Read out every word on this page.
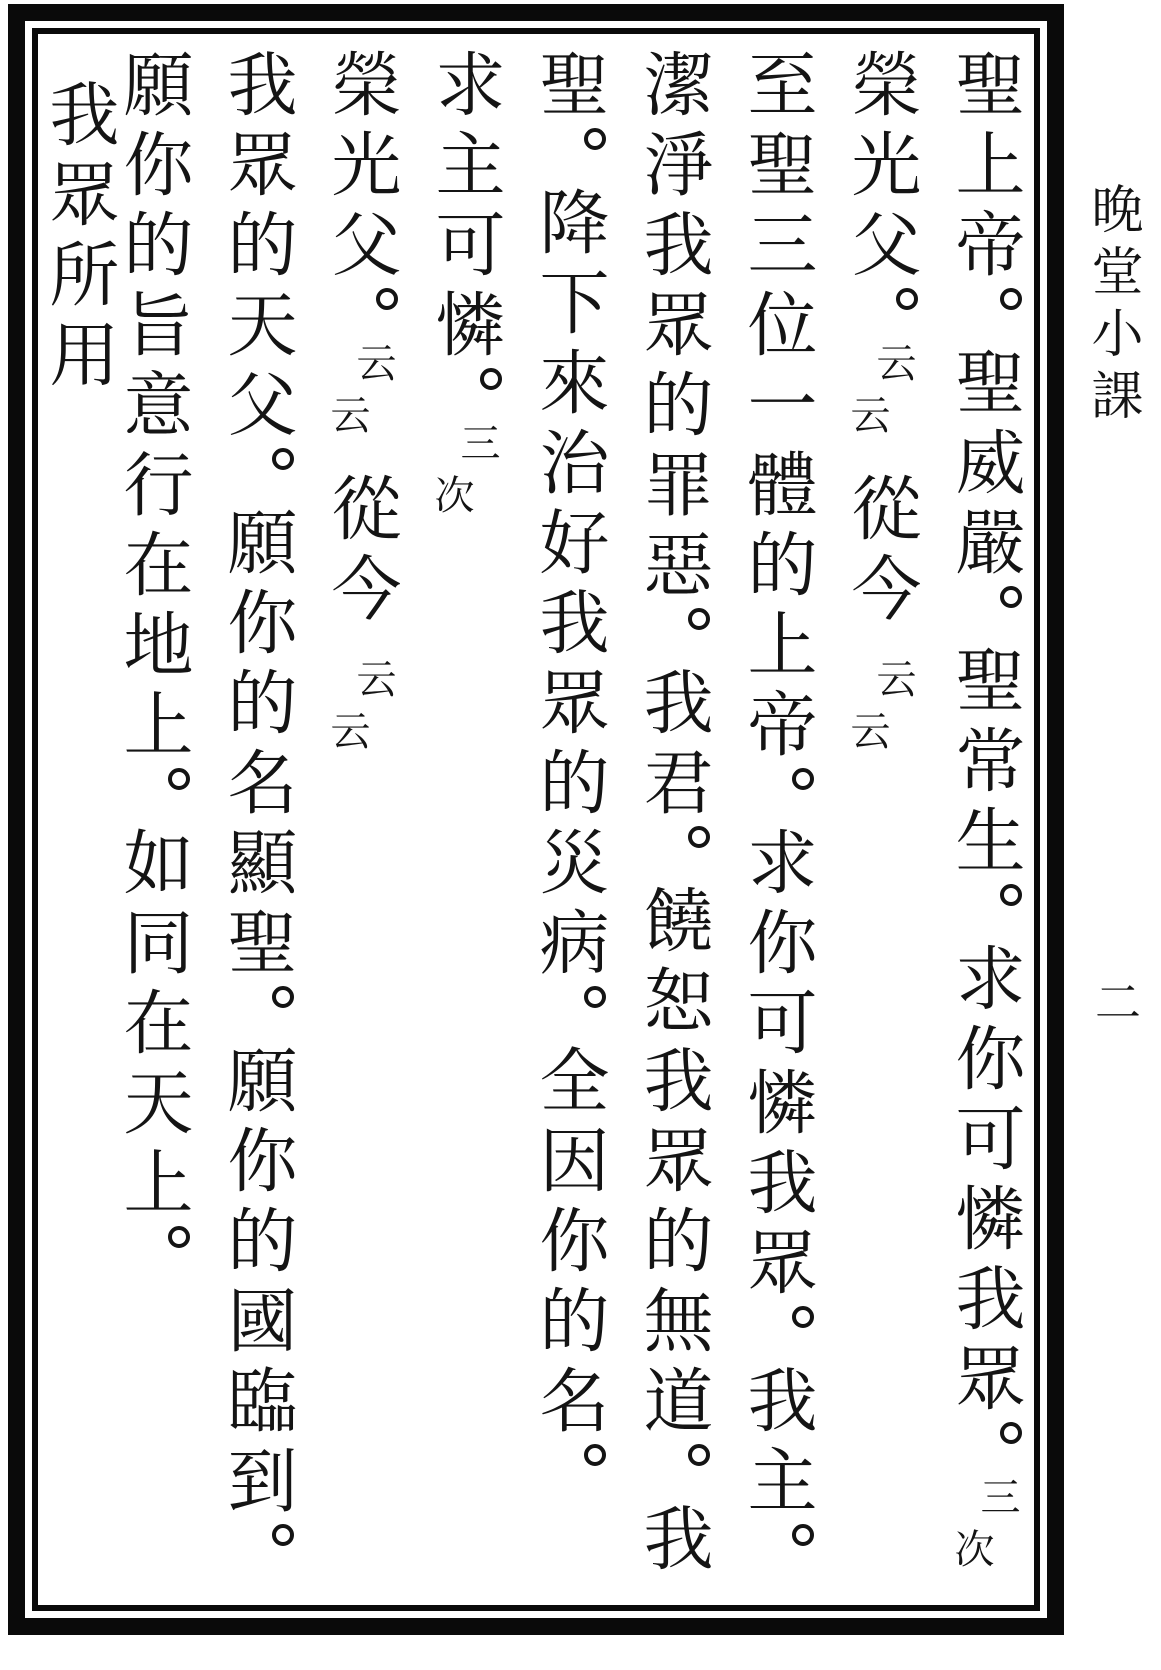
聖上帝聖威嚴聖常生求你可憐我眾三次
榮光父云云從今云云
至聖三位一體的上帝求你可憐我眾我主
潔淨我眾的罪惡我君饒恕我眾的無道我
聖降下來治好我眾的災病全因你的名
求主可憐三次
榮光父云云從今云云
我眾的天父願你的名顯聖願你的國臨到
願你的旨意行在地上如同在天上我眾所用	晚堂小課
二
